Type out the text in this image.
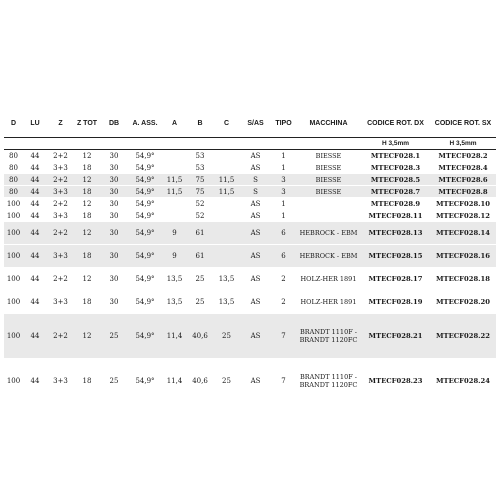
D	LU	Z	Z TOT	DB	A. ASS.	A	B	C	S/AS	TIPO	MACCHINA	CODICE ROT. DX	CODICE ROT. SX
												H 3,5mm	H 3,5mm
80	44	2+2	12	30	54,9°		53		AS	1	BIESSE	MTECF028.1	MTECF028.2
80	44	3+3	18	30	54,9°		53		AS	1	BIESSE	MTECF028.3	MTECF028.4
80	44	2+2	12	30	54,9°	11,5	75	11,5	S	3	BIESSE	MTECF028.5	MTECF028.6
80	44	3+3	18	30	54,9°	11,5	75	11,5	S	3	BIESSE	MTECF028.7	MTECF028.8
100	44	2+2	12	30	54,9°		52		AS	1		MTECF028.9	MTECF028.10
100	44	3+3	18	30	54,9°		52		AS	1		MTECF028.11	MTECF028.12
100	44	2+2	12	30	54,9°	9	61		AS	6	HEBROCK - EBM	MTECF028.13	MTECF028.14
100	44	3+3	18	30	54,9°	9	61		AS	6	HEBROCK - EBM	MTECF028.15	MTECF028.16
100	44	2+2	12	30	54,9°	13,5	25	13,5	AS	2	HOLZ-HER 1891	MTECF028.17	MTECF028.18
100	44	3+3	18	30	54,9°	13,5	25	13,5	AS	2	HOLZ-HER 1891	MTECF028.19	MTECF028.20
100	44	2+2	12	25	54,9°	11,4	40,6	25	AS	7	BRANDT 1110F - BRANDT 1120FC	MTECF028.21	MTECF028.22
100	44	3+3	18	25	54,9°	11,4	40,6	25	AS	7	BRANDT 1110F - BRANDT 1120FC	MTECF028.23	MTECF028.24
